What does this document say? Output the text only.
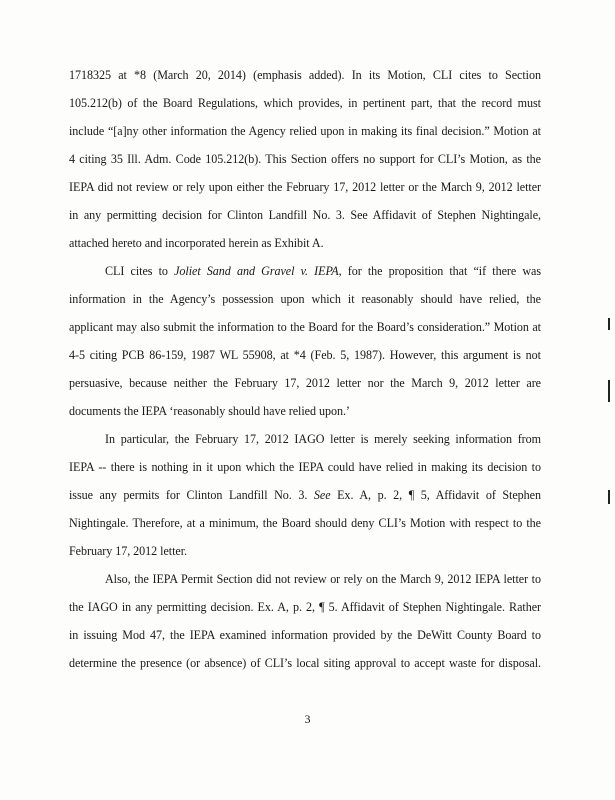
1718325 at *8 (March 20, 2014) (emphasis added). In its Motion, CLI cites to Section
105.212(b) of the Board Regulations, which provides, in pertinent part, that the record must
include “[a]ny other information the Agency relied upon in making its final decision.” Motion at
4 citing 35 Ill. Adm. Code 105.212(b). This Section offers no support for CLI’s Motion, as the
IEPA did not review or rely upon either the February 17, 2012 letter or the March 9, 2012 letter
in any permitting decision for Clinton Landfill No. 3. See Affidavit of Stephen Nightingale,
attached hereto and incorporated herein as Exhibit A.
CLI cites to Joliet Sand and Gravel v. IEPA, for the proposition that “if there was
information in the Agency’s possession upon which it reasonably should have relied, the
applicant may also submit the information to the Board for the Board’s consideration.” Motion at
4-5 citing PCB 86-159, 1987 WL 55908, at *4 (Feb. 5, 1987). However, this argument is not
persuasive, because neither the February 17, 2012 letter nor the March 9, 2012 letter are
documents the IEPA ‘reasonably should have relied upon.’
In particular, the February 17, 2012 IAGO letter is merely seeking information from
IEPA -- there is nothing in it upon which the IEPA could have relied in making its decision to
issue any permits for Clinton Landfill No. 3. See Ex. A, p. 2, ¶ 5, Affidavit of Stephen
Nightingale. Therefore, at a minimum, the Board should deny CLI’s Motion with respect to the
February 17, 2012 letter.
Also, the IEPA Permit Section did not review or rely on the March 9, 2012 IEPA letter to
the IAGO in any permitting decision. Ex. A, p. 2, ¶ 5. Affidavit of Stephen Nightingale. Rather
in issuing Mod 47, the IEPA examined information provided by the DeWitt County Board to
determine the presence (or absence) of CLI’s local siting approval to accept waste for disposal.
3
